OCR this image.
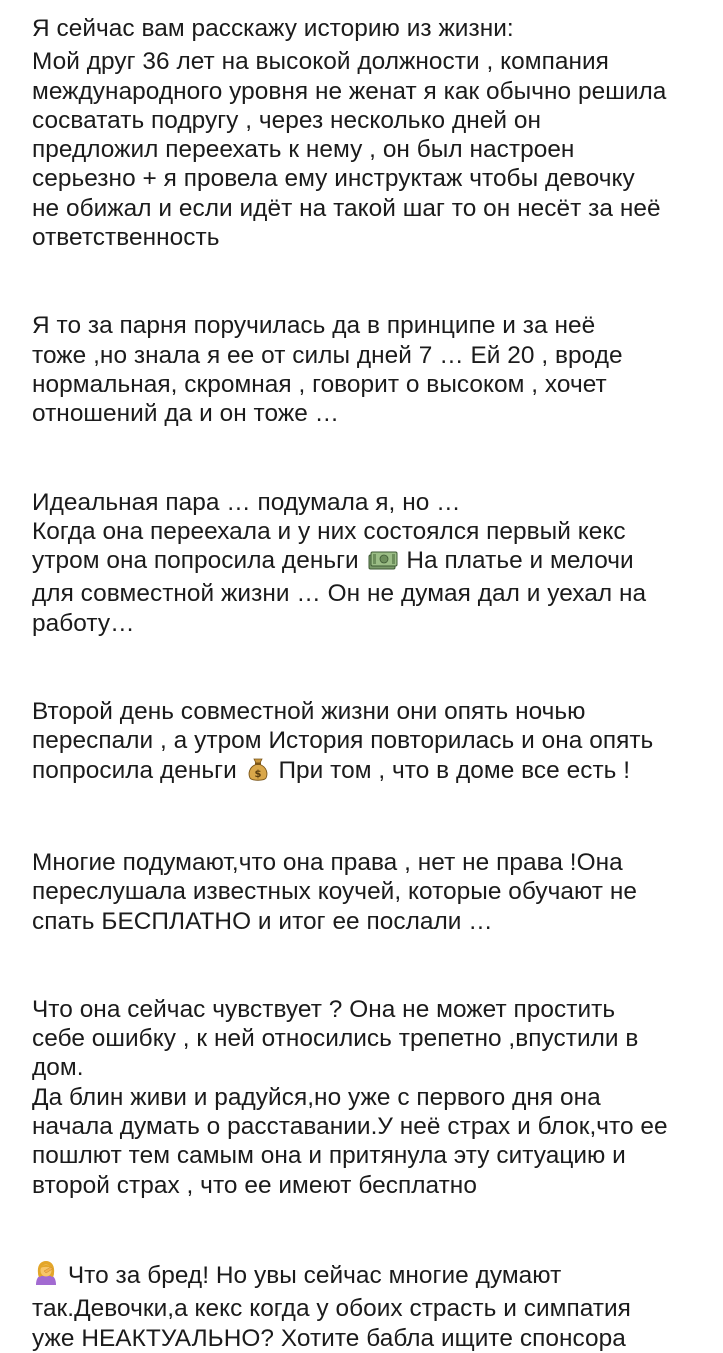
Я сейчас вам расскажу историю из жизни:
Мой друг 36 лет на высокой должности , компания
международного уровня не женат я как обычно решила
сосватать подругу , через несколько дней он
предложил переехать к нему , он был настроен
серьезно + я провела ему инструктаж чтобы девочку
не обижал и если идёт на такой шаг то он несёт за неё
ответственность
Я то за парня поручилась да в принципе и за неё
тоже ,но знала я ее от силы дней 7 … Ей 20 , вроде
нормальная, скромная , говорит о высоком , хочет
отношений да и он тоже …
Идеальная пара … подумала я, но …
Когда она переехала и у них состоялся первый кекс
утром она попросила деньги На платье и мелочи
для совместной жизни … Он не думая дал и уехал на
работу…
Второй день совместной жизни они опять ночью
переспали , а утром История повторилась и она опять
попросила деньги $ При том , что в доме все есть !
Многие подумают,что она права , нет не права !Она
переслушала известных коучей, которые обучают не
спать БЕСПЛАТНО и итог ее послали …
Что она сейчас чувствует ? Она не может простить
себе ошибку , к ней относились трепетно ,впустили в
дом.
Да блин живи и радуйся,но уже с первого дня она
начала думать о расставании.У неё страх и блок,что ее
пошлют тем самым она и притянула эту ситуацию и
второй страх , что ее имеют бесплатно
Что за бред! Но увы сейчас многие думают
так.Девочки,а кекс когда у обоих страсть и симпатия
уже НЕАКТУАЛЬНО? Хотите бабла ищите спонсора
